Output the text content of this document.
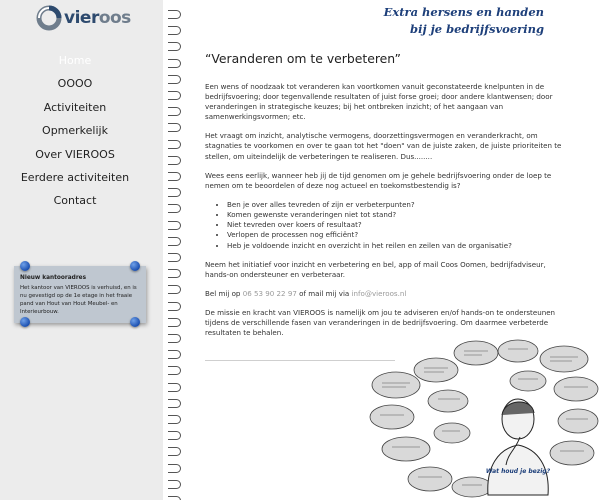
vieroos
Home
OOOO
Activiteiten
Opmerkelijk
Over VIEROOS
Eerdere activiteiten
Contact
Nieuw kantooradres
Het kantoor van VIEROOS is verhuisd, en is nu gevestigd op de 1e etage in het fraaie pand van Hout van Hout Meubel- en Interieurbouw.
Extra hersens en handen
bij je bedrijfsvoering
“Veranderen om te verbeteren”

Een wens of noodzaak tot veranderen kan voortkomen vanuit geconstateerde knelpunten in de bedrijfsvoering; door tegenvallende resultaten of juist forse groei; door andere klantwensen; door veranderingen in strategische keuzes; bij het ontbreken inzicht; of het aangaan van samenwerkingsvormen; etc.

Het vraagt om inzicht, analytische vermogens, doorzettingsvermogen en veranderkracht, om stagnaties te voorkomen en over te gaan tot het "doen" van de juiste zaken, de juiste prioriteiten te stellen, om uiteindelijk de verbeteringen te realiseren. Dus........

Wees eens eerlijk, wanneer heb jij de tijd genomen om je gehele bedrijfsvoering onder de loep te nemen om te beoordelen of deze nog actueel en toekomstbestendig is?

• Ben je over alles tevreden of zijn er verbeterpunten?
• Komen gewenste veranderingen niet tot stand?
• Niet tevreden over koers of resultaat?
• Verlopen de processen nog efficiënt?
• Heb je voldoende inzicht en overzicht in het reilen en zeilen van de organisatie?

Neem het initiatief voor inzicht en verbetering en bel, app of mail Coos Oomen, bedrijfadviseur, hands-on ondersteuner en verbeteraar.

Bel mij op 06 53 90 22 97 of mail mij via info@vieroos.nl

De missie en kracht van VIEROOS is namelijk om jou te adviseren en/of hands-on te ondersteunen tijdens de verschillende fasen van veranderingen in de bedrijfsvoering. Om daarmee verbeterde resultaten te behalen.

Wat houd je bezig?
